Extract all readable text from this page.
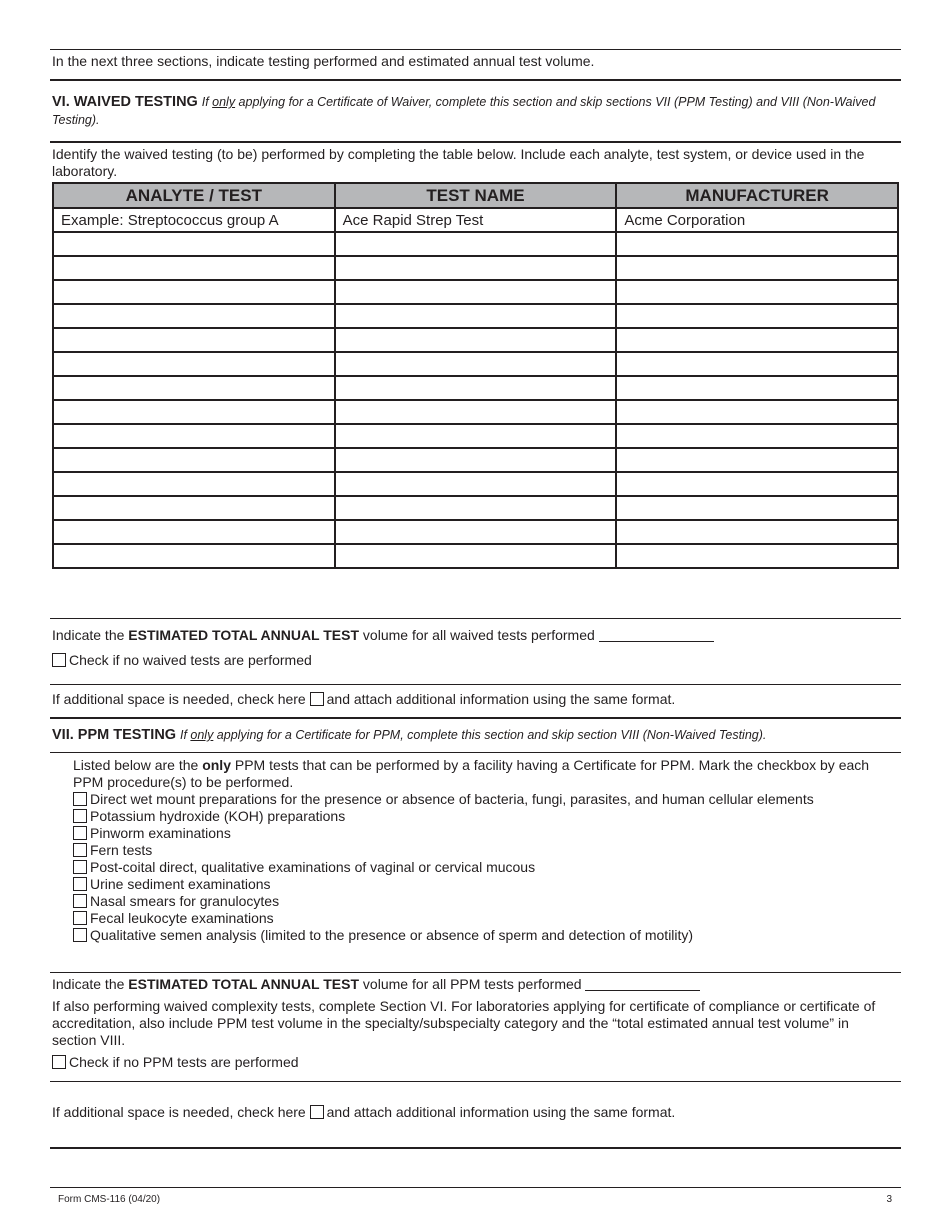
In the next three sections, indicate testing performed and estimated annual test volume.
VI. WAIVED TESTING If only applying for a Certificate of Waiver, complete this section and skip sections VII (PPM Testing) and VIII (Non-Waived Testing).
Identify the waived testing (to be) performed by completing the table below. Include each analyte, test system, or device used in the laboratory.
ANALYTE / TEST	TEST NAME	MANUFACTURER
Example: Streptococcus group A	Ace Rapid Strep Test	Acme Corporation

Indicate the ESTIMATED TOTAL ANNUAL TEST volume for all waived tests performed
Check if no waived tests are performed
If additional space is needed, check here and attach additional information using the same format.
VII. PPM TESTING If only applying for a Certificate for PPM, complete this section and skip section VIII (Non-Waived Testing).
Listed below are the only PPM tests that can be performed by a facility having a Certificate for PPM. Mark the checkbox by each PPM procedure(s) to be performed.
Direct wet mount preparations for the presence or absence of bacteria, fungi, parasites, and human cellular elements
Potassium hydroxide (KOH) preparations
Pinworm examinations
Fern tests
Post-coital direct, qualitative examinations of vaginal or cervical mucous
Urine sediment examinations
Nasal smears for granulocytes
Fecal leukocyte examinations
Qualitative semen analysis (limited to the presence or absence of sperm and detection of motility)
Indicate the ESTIMATED TOTAL ANNUAL TEST volume for all PPM tests performed
If also performing waived complexity tests, complete Section VI. For laboratories applying for certificate of compliance or certificate of accreditation, also include PPM test volume in the specialty/subspecialty category and the “total estimated annual test volume” in section VIII.
Check if no PPM tests are performed
If additional space is needed, check here and attach additional information using the same format.
Form CMS-116 (04/20)	3
